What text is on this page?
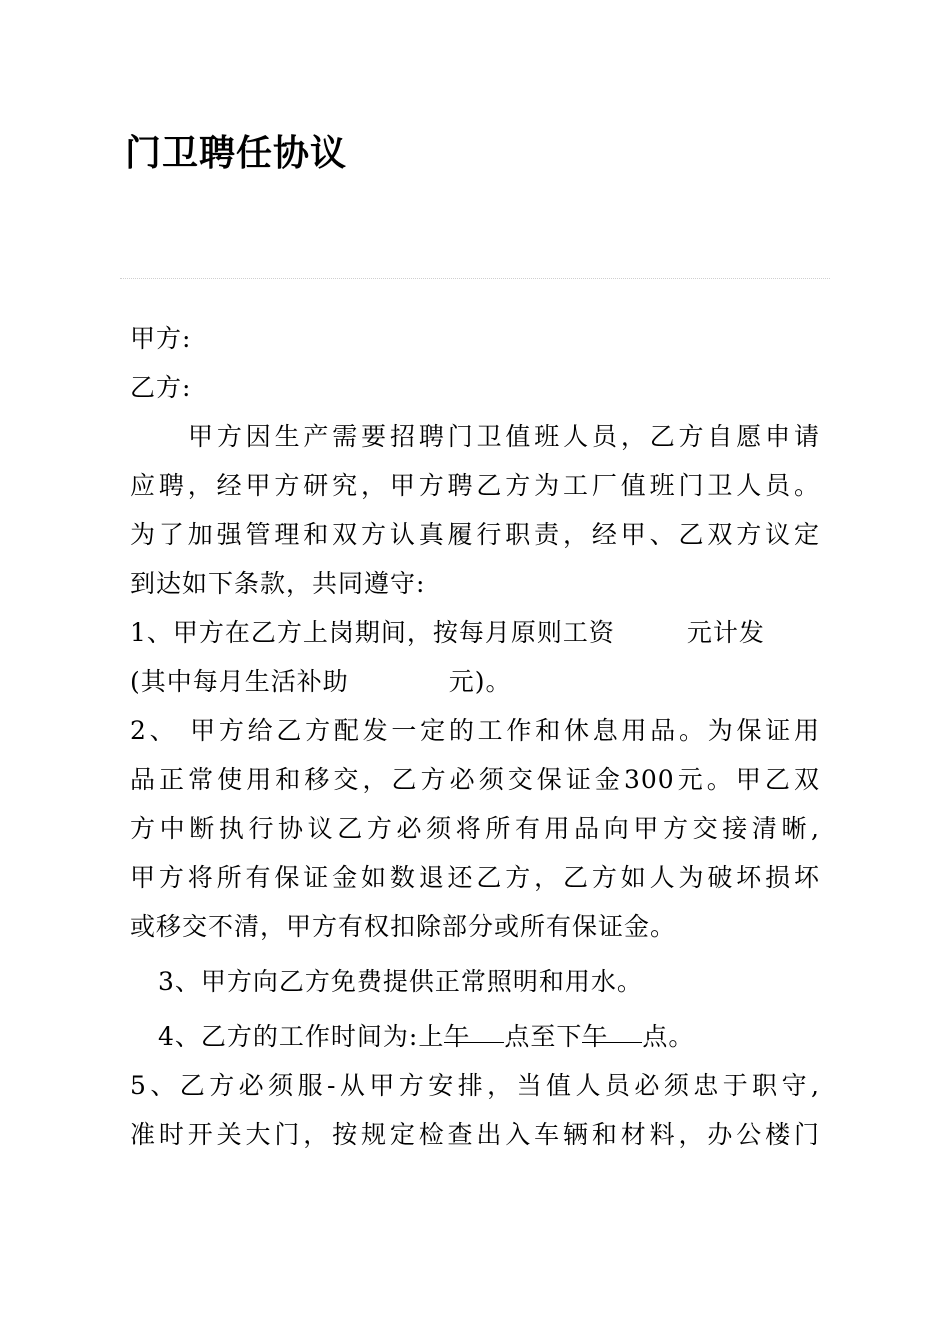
门卫聘任协议

甲方:

乙方:

甲方因生产需要招聘门卫值班人员，乙方自愿申请

应聘，经甲方研究，甲方聘乙方为工厂值班门卫人员。

为了加强管理和双方认真履行职责，经甲、乙双方议定

到达如下条款，共同遵守:

1、甲方在乙方上岗期间，按每月原则工资	元计发

(其中每月生活补助	元)。

2、 甲方给乙方配发一定的工作和休息用品。为保证用

品正常使用和移交，乙方必须交保证金300元。甲乙双

方中断执行协议乙方必须将所有用品向甲方交接清晰,

甲方将所有保证金如数退还乙方，乙方如人为破坏损坏

或移交不清，甲方有权扣除部分或所有保证金。

3、甲方向乙方免费提供正常照明和用水。

4、乙方的工作时间为:上午 点至下午 点。

5、乙方必须服-从甲方安排，当值人员必须忠于职守,

准时开关大门，按规定检查出入车辆和材料，办公楼门
